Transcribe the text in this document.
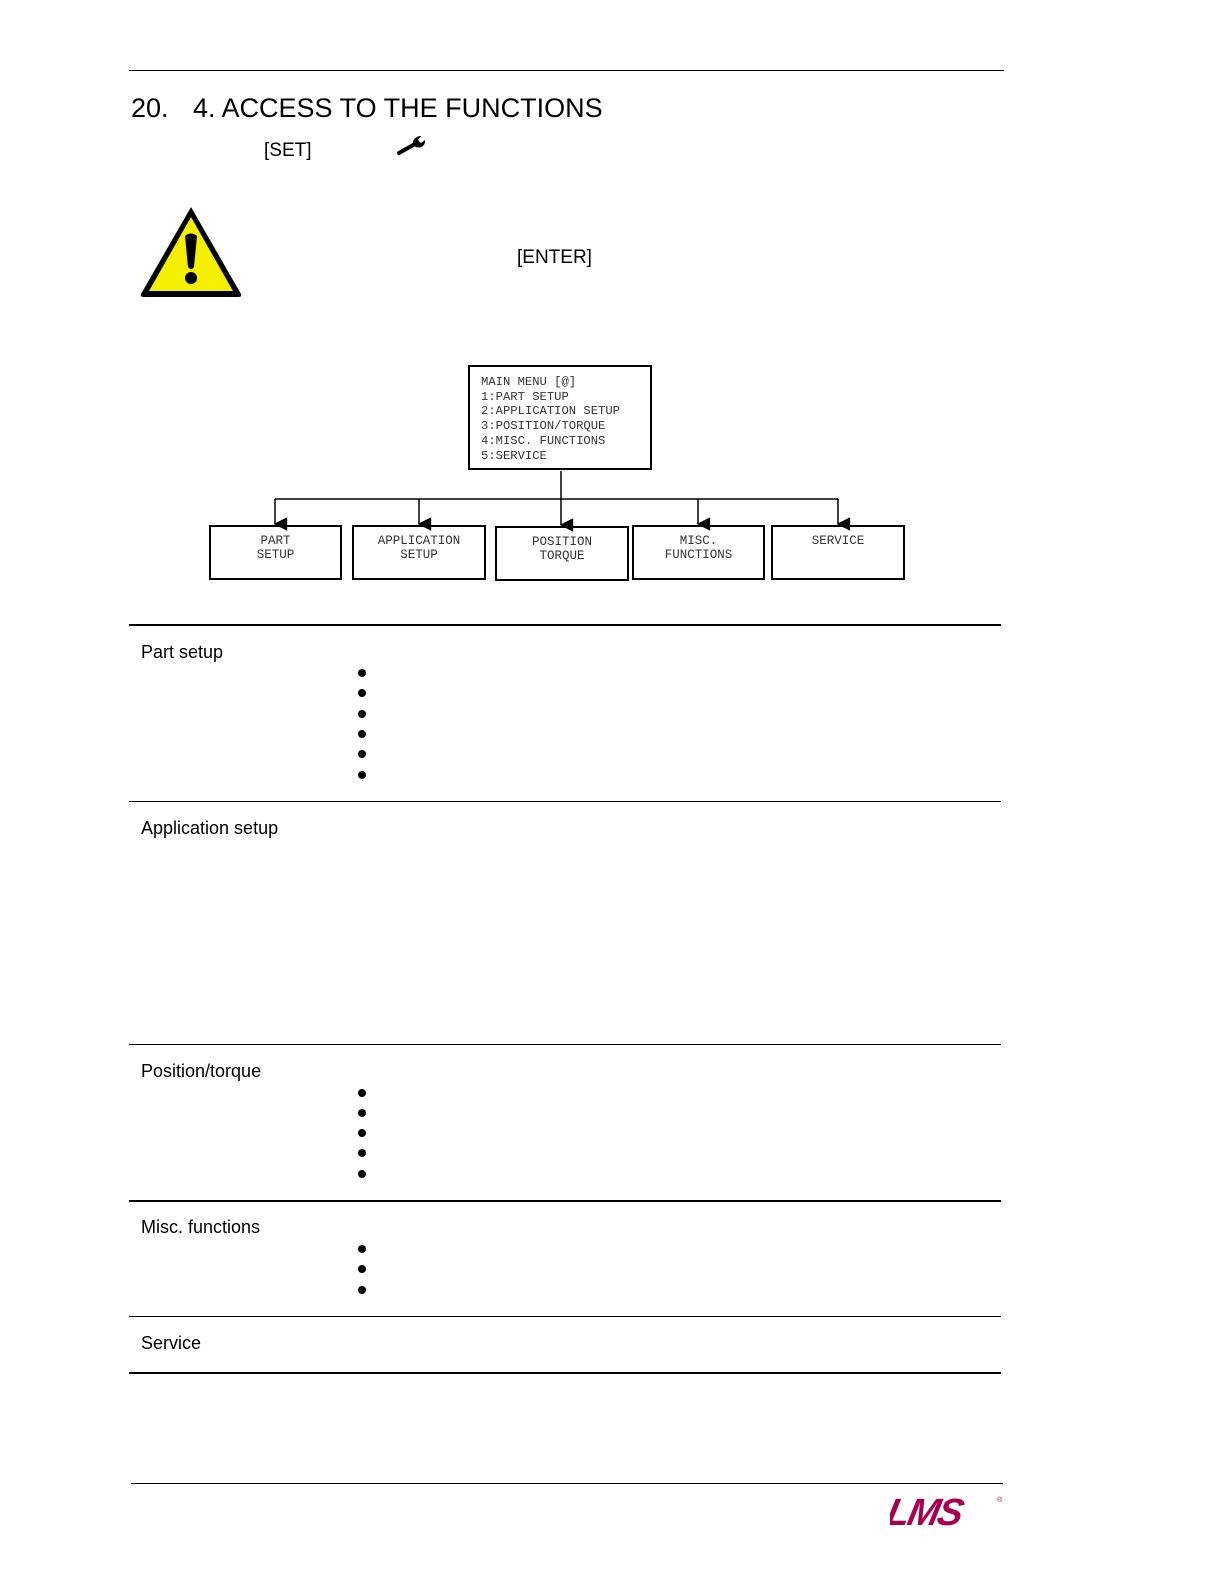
20. 4. ACCESS TO THE FUNCTIONS
[SET]
[ENTER]
MAIN MENU [@]
1:PART SETUP
2:APPLICATION SETUP
3:POSITION/TORQUE
4:MISC. FUNCTIONS
5:SERVICE
PART
SETUP
APPLICATION
SETUP
POSITION
TORQUE
MISC.
FUNCTIONS
SERVICE
Part setup
Application setup
Position/torque
Misc. functions
Service
LMS	®
